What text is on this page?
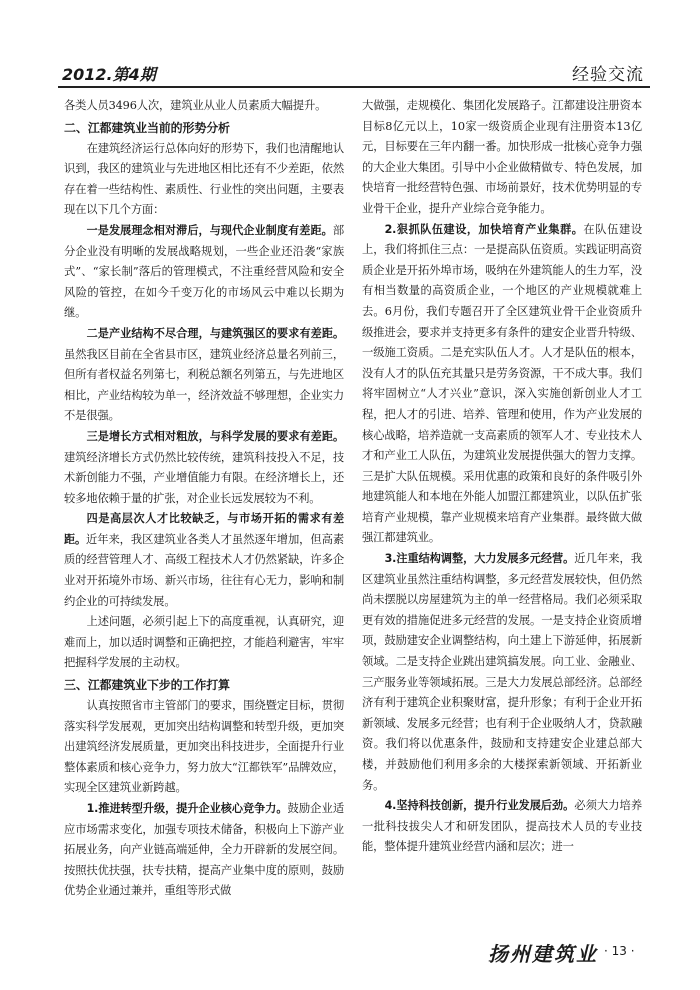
2012.第4期	经验交流

各类人员3496人次，建筑业从业人员素质大幅提升。

二、江都建筑业当前的形势分析

在建筑经济运行总体向好的形势下，我们也清醒地认识到，我区的建筑业与先进地区相比还有不少差距，依然存在着一些结构性、素质性、行业性的突出问题，主要表现在以下几个方面：

一是发展理念相对滞后，与现代企业制度有差距。部分企业没有明晰的发展战略规划，一些企业还沿袭“家族式”、“家长制”落后的管理模式，不注重经营风险和安全风险的管控，在如今千变万化的市场风云中难以长期为继。

二是产业结构不尽合理，与建筑强区的要求有差距。虽然我区目前在全省县市区，建筑业经济总量名列前三，但所有者权益名列第七，利税总额名列第五，与先进地区相比，产业结构较为单一，经济效益不够理想，企业实力不是很强。

三是增长方式相对粗放，与科学发展的要求有差距。建筑经济增长方式仍然比较传统，建筑科技投入不足，技术新创能力不强，产业增值能力有限。在经济增长上，还较多地依赖于量的扩张，对企业长远发展较为不利。

四是高层次人才比较缺乏，与市场开拓的需求有差距。近年来，我区建筑业各类人才虽然逐年增加，但高素质的经营管理人才、高级工程技术人才仍然紧缺，许多企业对开拓境外市场、新兴市场，往往有心无力，影响和制约企业的可持续发展。

上述问题，必须引起上下的高度重视，认真研究，迎难而上，加以适时调整和正确把控，才能趋利避害，牢牢把握科学发展的主动权。

三、江都建筑业下步的工作打算

认真按照省市主管部门的要求，围绕暨定目标，贯彻落实科学发展观，更加突出结构调整和转型升级，更加突出建筑经济发展质量，更加突出科技进步，全面提升行业整体素质和核心竞争力，努力放大“江都铁军”品牌效应，实现全区建筑业新跨越。

1.推进转型升级，提升企业核心竞争力。鼓励企业适应市场需求变化，加强专项技术储备，积极向上下游产业拓展业务，向产业链高端延伸，全力开辟新的发展空间。按照扶优扶强，扶专扶精，提高产业集中度的原则，鼓励优势企业通过兼并，重组等形式做

大做强，走规模化、集团化发展路子。江都建设注册资本目标8亿元以上，10家一级资质企业现有注册资本13亿元，目标要在三年内翻一番。加快形成一批核心竞争力强的大企业大集团。引导中小企业做精做专、特色发展，加快培育一批经营特色强、市场前景好，技术优势明显的专业骨干企业，提升产业综合竞争能力。

2.狠抓队伍建设，加快培育产业集群。在队伍建设上，我们将抓住三点：一是提高队伍资质。实践证明高资质企业是开拓外埠市场，吸纳在外建筑能人的生力军，没有相当数量的高资质企业，一个地区的产业规模就难上去。6月份，我们专题召开了全区建筑业骨干企业资质升级推进会，要求并支持更多有条件的建安企业晋升特级、一级施工资质。二是充实队伍人才。人才是队伍的根本，没有人才的队伍充其量只是劳务资源，干不成大事。我们将牢固树立“人才兴业”意识，深入实施创新创业人才工程，把人才的引进、培养、管理和使用，作为产业发展的核心战略，培养造就一支高素质的领军人才、专业技术人才和产业工人队伍，为建筑业发展提供强大的智力支撑。三是扩大队伍规模。采用优惠的政策和良好的条件吸引外地建筑能人和本地在外能人加盟江都建筑业，以队伍扩张培育产业规模，靠产业规模来培育产业集群。最终做大做强江都建筑业。

3.注重结构调整，大力发展多元经营。近几年来，我区建筑业虽然注重结构调整，多元经营发展较快，但仍然尚未摆脱以房屋建筑为主的单一经营格局。我们必须采取更有效的措施促进多元经营的发展。一是支持企业资质增项，鼓励建安企业调整结构，向土建上下游延伸，拓展新领域。二是支持企业跳出建筑搞发展。向工业、金融业、三产服务业等领域拓展。三是大力发展总部经济。总部经济有利于建筑企业积聚财富，提升形象；有利于企业开拓新领域、发展多元经营；也有利于企业吸纳人才，贷款融资。我们将以优惠条件，鼓励和支持建安企业建总部大楼，并鼓励他们利用多余的大楼探索新领域、开拓新业务。

4.坚持科技创新，提升行业发展后劲。必须大力培养一批科技拔尖人才和研发团队，提高技术人员的专业技能，整体提升建筑业经营内涵和层次；进一

扬州建筑业 · 13 ·
